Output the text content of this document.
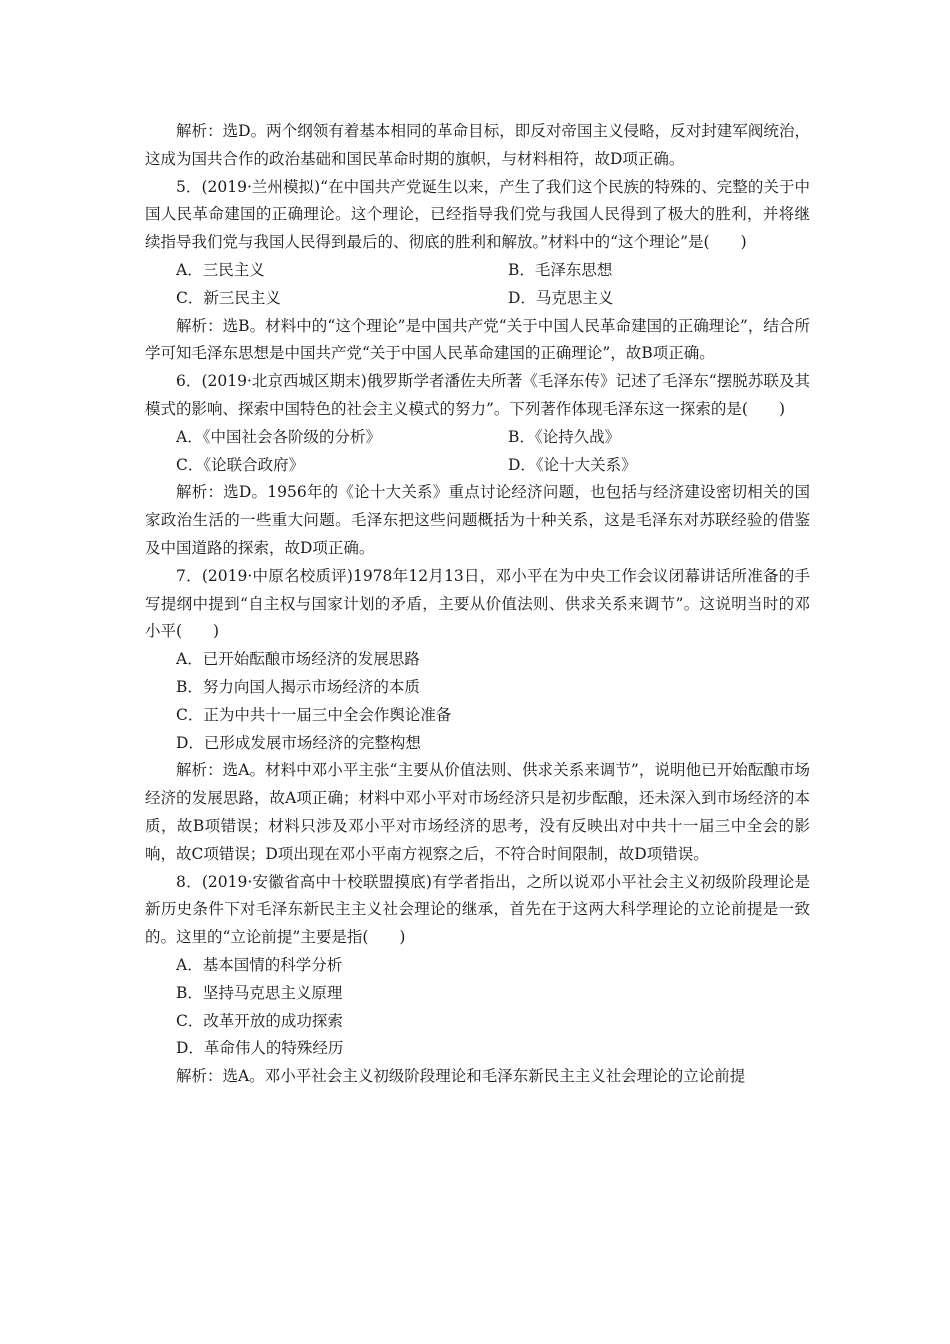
解析：选D。两个纲领有着基本相同的革命目标，即反对帝国主义侵略，反对封建军阀统治，这成为国共合作的政治基础和国民革命时期的旗帜，与材料相符，故D项正确。

5．(2019·兰州模拟)“在中国共产党诞生以来，产生了我们这个民族的特殊的、完整的关于中国人民革命建国的正确理论。这个理论，已经指导我们党与我国人民得到了极大的胜利，并将继续指导我们党与我国人民得到最后的、彻底的胜利和解放。”材料中的“这个理论”是(　　)

A．三民主义	B．毛泽东思想

C．新三民主义	D．马克思主义

解析：选B。材料中的“这个理论”是中国共产党“关于中国人民革命建国的正确理论”，结合所学可知毛泽东思想是中国共产党“关于中国人民革命建国的正确理论”，故B项正确。

6．(2019·北京西城区期末)俄罗斯学者潘佐夫所著《毛泽东传》记述了毛泽东“摆脱苏联及其模式的影响、探索中国特色的社会主义模式的努力”。下列著作体现毛泽东这一探索的是(　　)

A．《中国社会各阶级的分析》	B．《论持久战》

C．《论联合政府》	D．《论十大关系》

解析：选D。1956年的《论十大关系》重点讨论经济问题，也包括与经济建设密切相关的国家政治生活的一些重大问题。毛泽东把这些问题概括为十种关系，这是毛泽东对苏联经验的借鉴及中国道路的探索，故D项正确。

7．(2019·中原名校质评)1978年12月13日，邓小平在为中央工作会议闭幕讲话所准备的手写提纲中提到“自主权与国家计划的矛盾，主要从价值法则、供求关系来调节”。这说明当时的邓小平(　　)

A．已开始酝酿市场经济的发展思路

B．努力向国人揭示市场经济的本质

C．正为中共十一届三中全会作舆论准备

D．已形成发展市场经济的完整构想

解析：选A。材料中邓小平主张“主要从价值法则、供求关系来调节”，说明他已开始酝酿市场经济的发展思路，故A项正确；材料中邓小平对市场经济只是初步酝酿，还未深入到市场经济的本质，故B项错误；材料只涉及邓小平对市场经济的思考，没有反映出对中共十一届三中全会的影响，故C项错误；D项出现在邓小平南方视察之后，不符合时间限制，故D项错误。

8．(2019·安徽省高中十校联盟摸底)有学者指出，之所以说邓小平社会主义初级阶段理论是新历史条件下对毛泽东新民主主义社会理论的继承，首先在于这两大科学理论的立论前提是一致的。这里的“立论前提”主要是指(　　)

A．基本国情的科学分析

B．坚持马克思主义原理

C．改革开放的成功探索

D．革命伟人的特殊经历

解析：选A。邓小平社会主义初级阶段理论和毛泽东新民主主义社会理论的立论前提
